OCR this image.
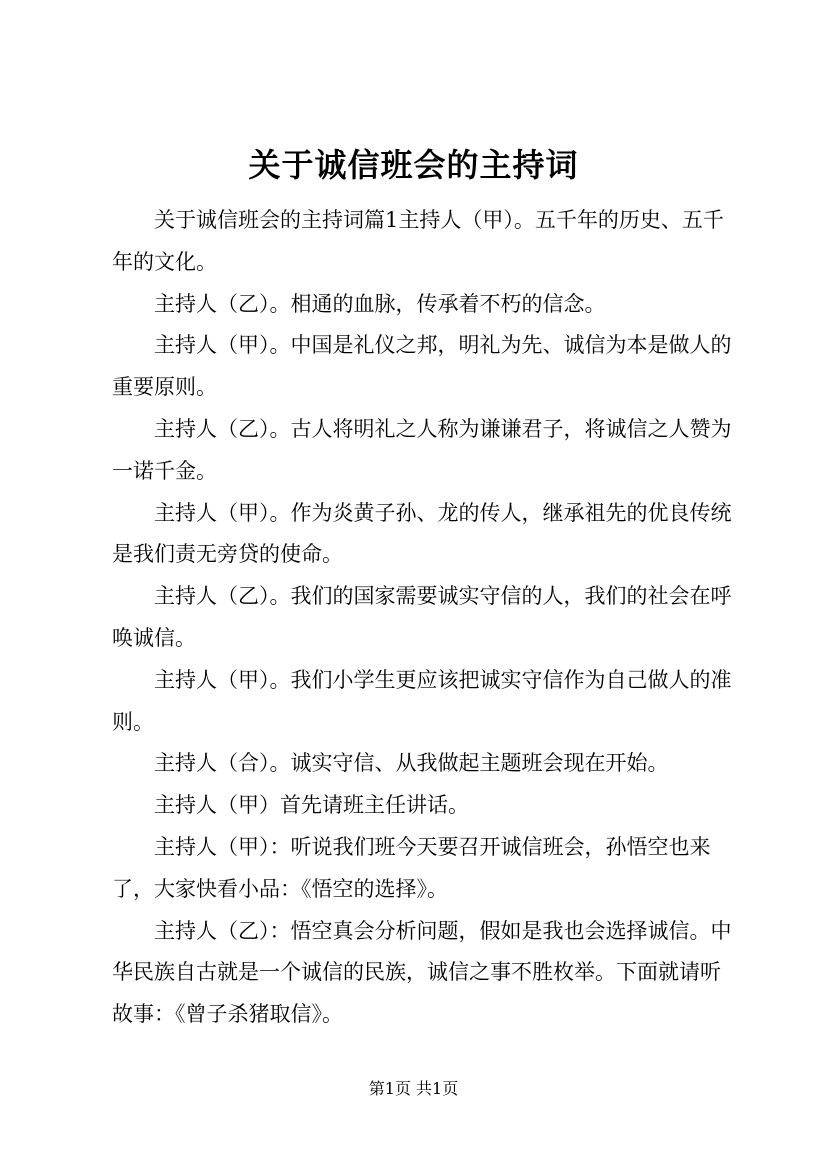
关于诚信班会的主持词

关于诚信班会的主持词篇1主持人（甲）。五千年的历史、五千年的文化。

主持人（乙）。相通的血脉，传承着不朽的信念。

主持人（甲）。中国是礼仪之邦，明礼为先、诚信为本是做人的重要原则。

主持人（乙）。古人将明礼之人称为谦谦君子，将诚信之人赞为一诺千金。

主持人（甲）。作为炎黄子孙、龙的传人，继承祖先的优良传统是我们责无旁贷的使命。

主持人（乙）。我们的国家需要诚实守信的人，我们的社会在呼唤诚信。

主持人（甲）。我们小学生更应该把诚实守信作为自己做人的准则。

主持人（合）。诚实守信、从我做起主题班会现在开始。

主持人（甲）首先请班主任讲话。

主持人（甲）：听说我们班今天要召开诚信班会，孙悟空也来了，大家快看小品：《悟空的选择》。

主持人（乙）：悟空真会分析问题，假如是我也会选择诚信。中华民族自古就是一个诚信的民族，诚信之事不胜枚举。下面就请听故事：《曾子杀猪取信》。

第1页 共1页
